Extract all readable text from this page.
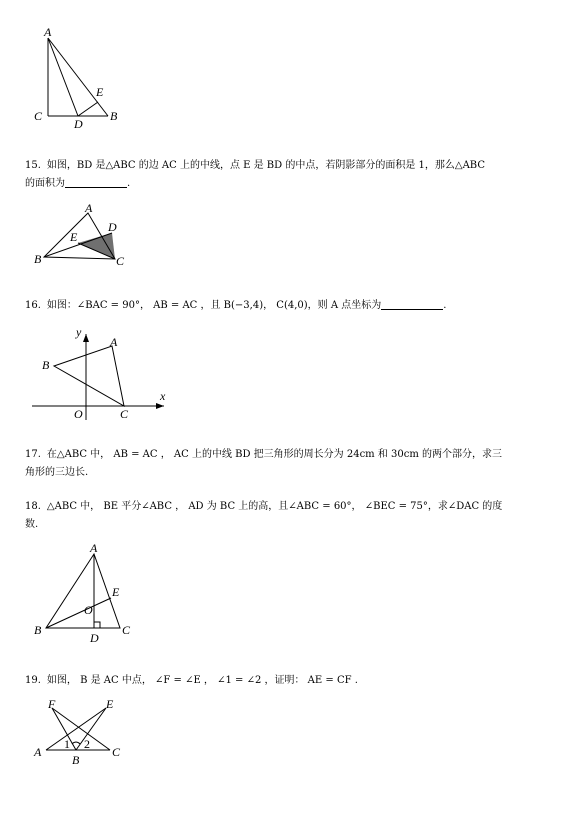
A
C
D
B
E
15. 如图，BD 是△ABC 的边 AC 上的中线，点 E 是 BD 的中点，若阴影部分的面积是 1，那么△ABC
的面积为	.
A
E
D
B	C
16. 如图：∠BAC = 90°， AB = AC ，且 B(−3,4)， C(4,0)，则 A 点坐标为	.
y
x
A
B
O	C
17. 在△ABC 中， AB = AC ， AC 上的中线 BD 把三角形的周长分为 24cm 和 30cm 的两个部分，求三
角形的三边长.
18. △ABC 中， BE 平分∠ABC ， AD 为 BC 上的高，且∠ABC = 60°， ∠BEC = 75°，求∠DAC 的度
数.
A
E
O
B
D
C
19. 如图， B 是 AC 中点， ∠F = ∠E ， ∠1 = ∠2 ，证明： AE = CF .
F	E
1 2
A
B
C
